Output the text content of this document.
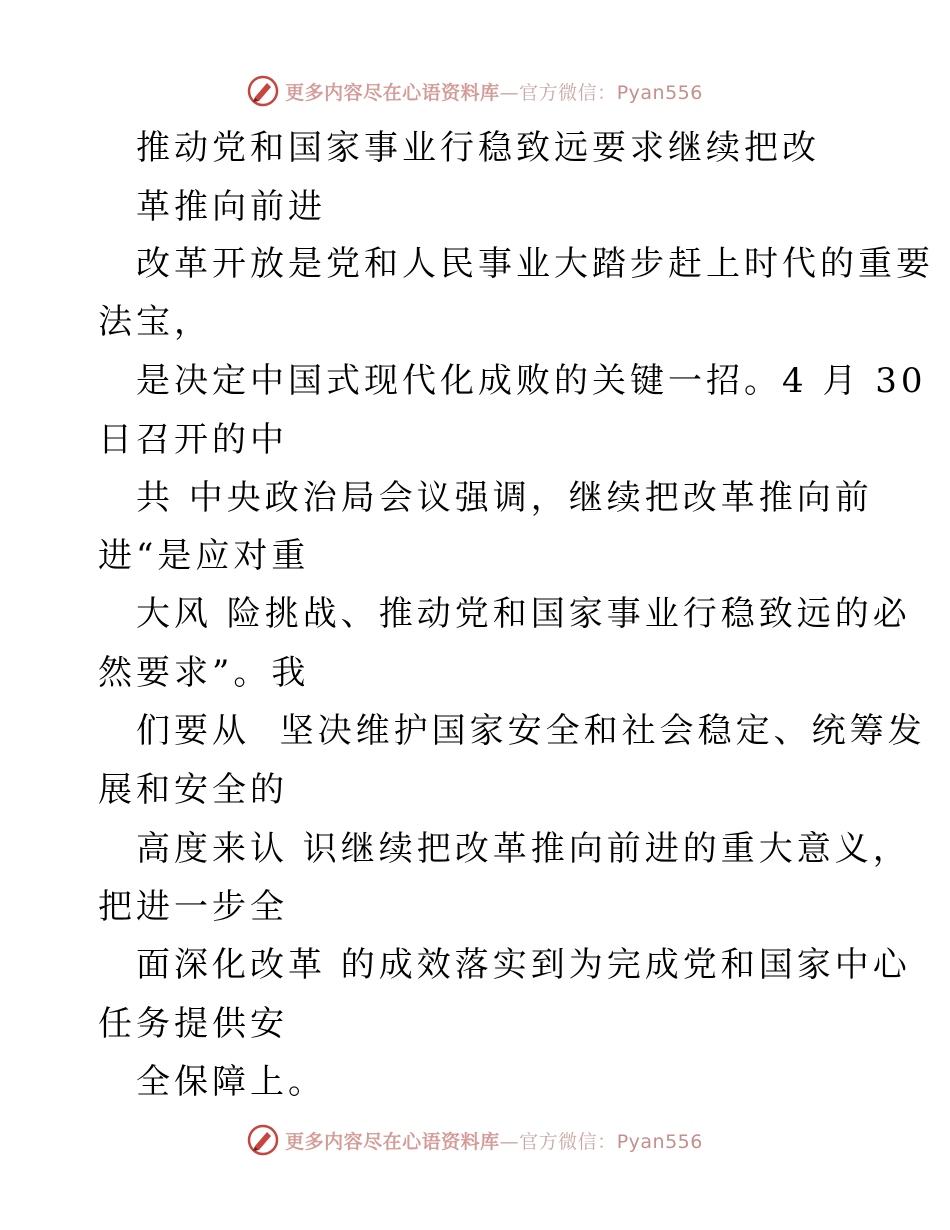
更多内容尽在心语资料库—官方微信：Pyan556
推动党和国家事业行稳致远要求继续把改
革推向前进
改革开放是党和人民事业大踏步赶上时代的重要
法宝，
是决定中国式现代化成败的关键一招。4 月 30
日召开的中
共 中央政治局会议强调，继续把改革推向前
进“是应对重
大风 险挑战、推动党和国家事业行稳致远的必
然要求”。我
们要从  坚决维护国家安全和社会稳定、统筹发
展和安全的
高度来认 识继续把改革推向前进的重大意义，
把进一步全
面深化改革 的成效落实到为完成党和国家中心
任务提供安
全保障上。
更多内容尽在心语资料库—官方微信：Pyan556
